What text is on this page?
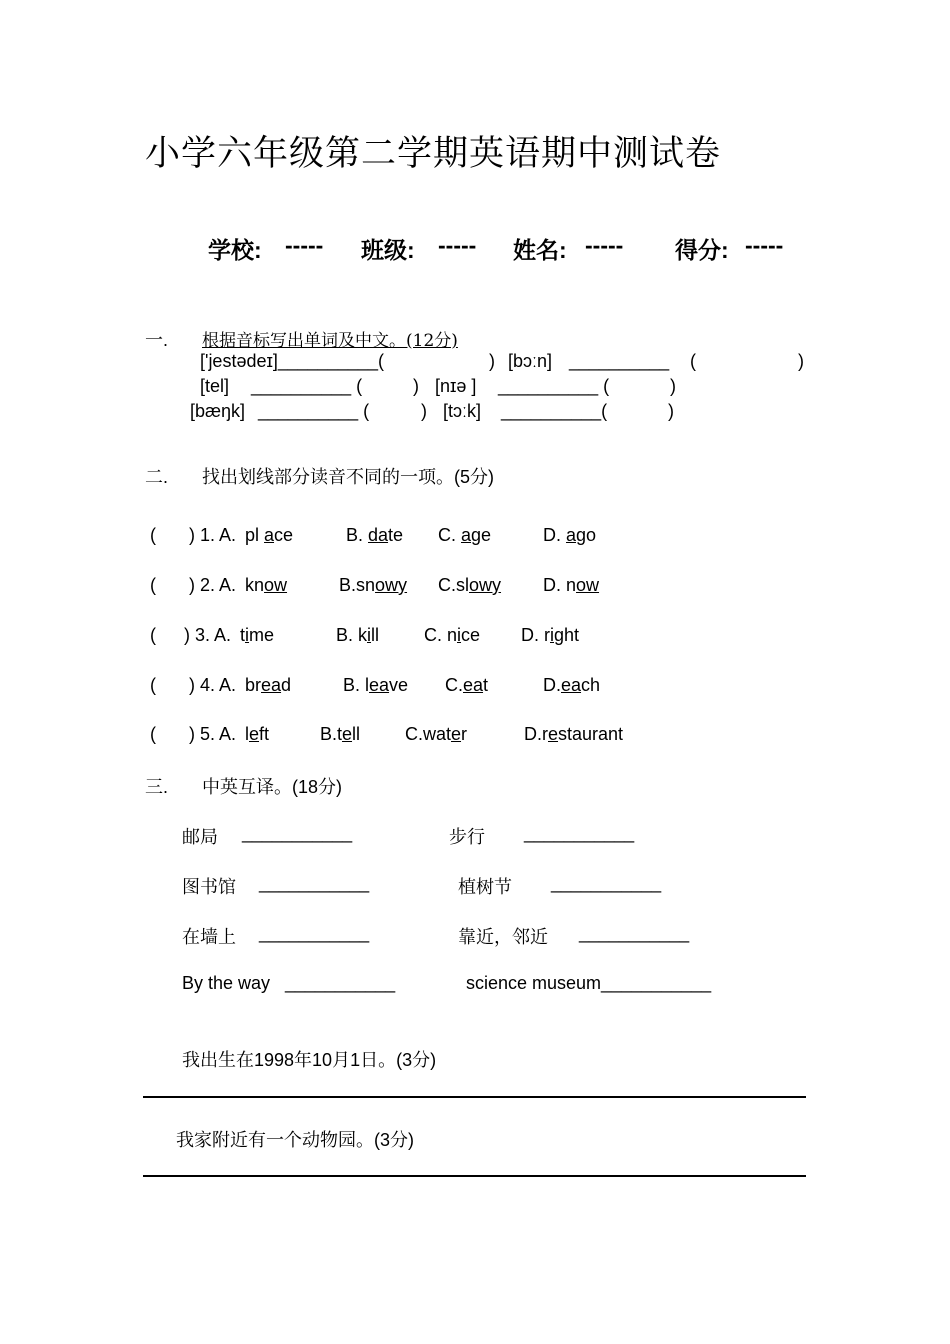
小学六年级第二学期英语期中测试卷
学校: ----- 班级: ----- 姓名: ----- 得分: -----
一. 根据音标写出单词及中文。(12分)
['jestədeɪ]__________(	) [bɔːn] __________ (	)
[tel] __________ (	) [nɪə ] __________ (	)
[bæŋk] __________ (	) [tɔːk] __________(	)
二. 找出划线部分读音不同的一项。(5分)
( ) 1. A. pl ace	B. date C. age	D. ago
( ) 2. A. know	B.snowy C.slowy D. now
( ) 3. A. time	B. kill C. nice D. right
( ) 4. A. bread	B. leave C.eat	D.each
( ) 5. A. left	B.tell C.water	D.restaurant
三. 中英互译。(18分)
邮局 ___________	步行 ___________
图书馆 ___________	植树节 ___________
在墙上 ___________	靠近，邻近 ___________
By the way ___________	science museum___________
我出生在1998年10月1日。(3分)
我家附近有一个动物园。(3分)
